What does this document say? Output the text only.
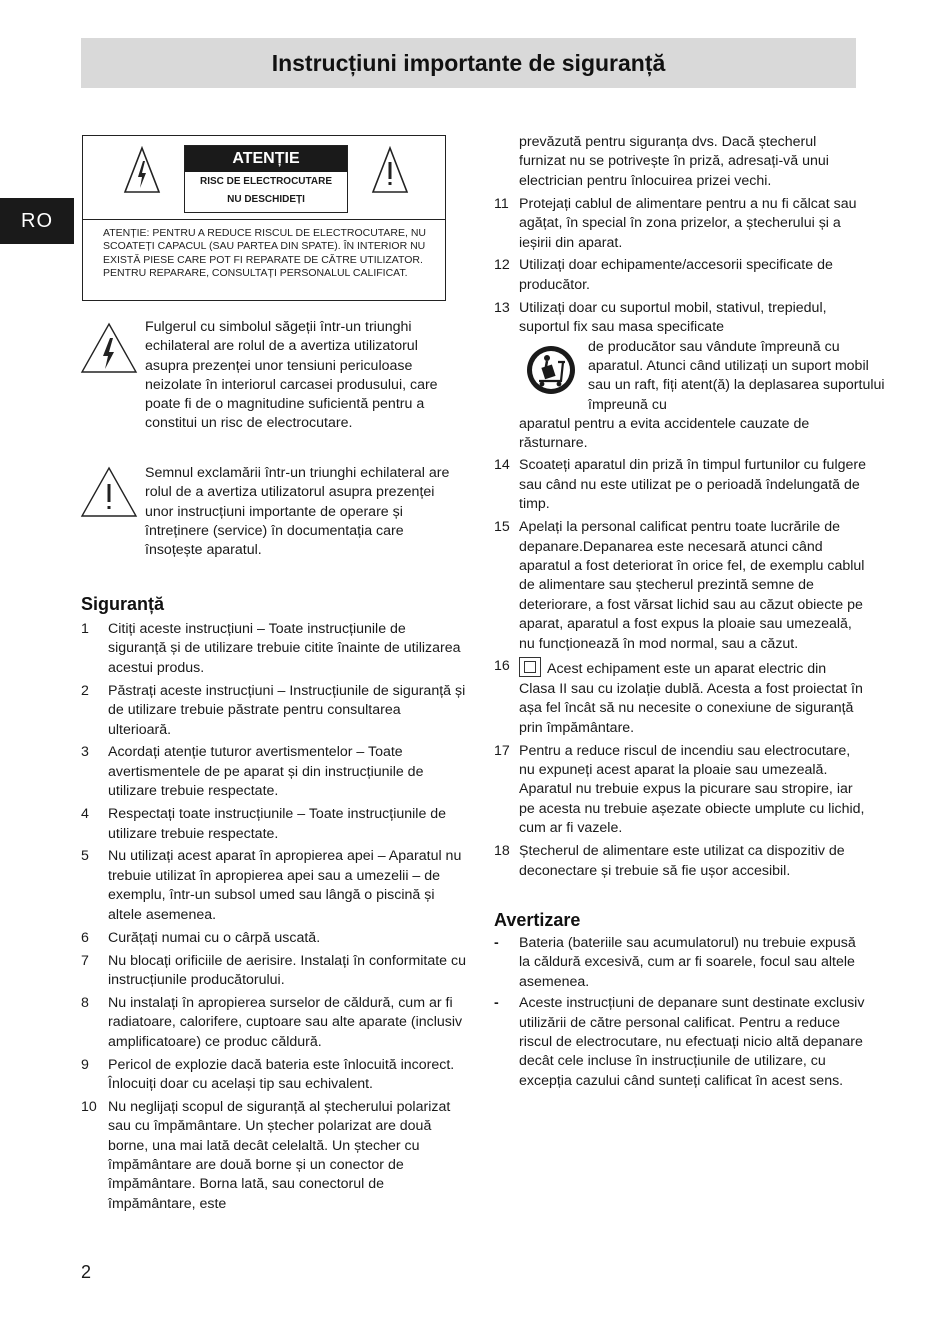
Instrucțiuni importante de siguranță
RO
ATENȚIE
RISC DE ELECTROCUTARE
NU DESCHIDEȚI
ATENȚIE: PENTRU A REDUCE RISCUL DE ELECTROCUTARE, NU SCOATEȚI CAPACUL (SAU PARTEA DIN SPATE). ÎN INTERIOR NU EXISTĂ PIESE CARE POT FI REPARATE DE CĂTRE UTILIZATOR. PENTRU REPARARE, CONSULTAȚI PERSONALUL CALIFICAT.
Fulgerul cu simbolul săgeții într-un triunghi echilateral are rolul de a avertiza utilizatorul asupra prezenței unor tensiuni periculoase neizolate în interiorul carcasei produsului, care poate fi de o magnitudine suficientă pentru a constitui un risc de electrocutare.
Semnul exclamării într-un triunghi echilateral are rolul de a avertiza utilizatorul asupra prezenței unor instrucțiuni importante de operare și întreținere (service) în documentația care însoțește aparatul.
Siguranță
1 Citiți aceste instrucțiuni – Toate instrucțiunile de siguranță și de utilizare trebuie citite înainte de utilizarea acestui produs.
2 Păstrați aceste instrucțiuni – Instrucțiunile de siguranță și de utilizare trebuie păstrate pentru consultarea ulterioară.
3 Acordați atenție tuturor avertismentelor – Toate avertismentele de pe aparat și din instrucțiunile de utilizare trebuie respectate.
4 Respectați toate instrucțiunile – Toate instrucțiunile de utilizare trebuie respectate.
5 Nu utilizați acest aparat în apropierea apei – Aparatul nu trebuie utilizat în apropierea apei sau a umezelii – de exemplu, într-un subsol umed sau lângă o piscină și altele asemenea.
6 Curățați numai cu o cârpă uscată.
7 Nu blocați orificiile de aerisire. Instalați în conformitate cu instrucțiunile producătorului.
8 Nu instalați în apropierea surselor de căldură, cum ar fi radiatoare, calorifere, cuptoare sau alte aparate (inclusiv amplificatoare) ce produc căldură.
9 Pericol de explozie dacă bateria este înlocuită incorect. Înlocuiți doar cu același tip sau echivalent.
10 Nu neglijați scopul de siguranță al ștecherului polarizat sau cu împământare. Un ștecher polarizat are două borne, una mai lată decât celelaltă. Un ștecher cu împământare are două borne și un conector de împământare. Borna lată, sau conectorul de împământare, este
prevăzută pentru siguranța dvs. Dacă ștecherul furnizat nu se potrivește în priză, adresați-vă unui electrician pentru înlocuirea prizei vechi.
11 Protejați cablul de alimentare pentru a nu fi călcat sau agățat, în special în zona prizelor, a ștecherului și a ieșirii din aparat.
12 Utilizați doar echipamente/accesorii specificate de producător.
13 Utilizați doar cu suportul mobil, stativul, trepiedul, suportul fix sau masa specificate
de producător sau vândute împreună cu aparatul. Atunci când utilizați un suport mobil sau un raft, fiți atent(ă) la deplasarea suportului împreună cu
aparatul pentru a evita accidentele cauzate de răsturnare.
14 Scoateți aparatul din priză în timpul furtunilor cu fulgere sau când nu este utilizat pe o perioadă îndelungată de timp.
15 Apelați la personal calificat pentru toate lucrările de depanare.Depanarea este necesară atunci când aparatul a fost deteriorat în orice fel, de exemplu cablul de alimentare sau ștecherul prezintă semne de deteriorare, a fost vărsat lichid sau au căzut obiecte pe aparat, aparatul a fost expus la ploaie sau umezeală, nu funcționează în mod normal, sau a căzut.
16	Acest echipament este un aparat electric din Clasa II sau cu izolație dublă. Acesta a fost proiectat în așa fel încât să nu necesite o conexiune de siguranță prin împământare.
17 Pentru a reduce riscul de incendiu sau electrocutare, nu expuneți acest aparat la ploaie sau umezeală. Aparatul nu trebuie expus la picurare sau stropire, iar pe acesta nu trebuie așezate obiecte umplute cu lichid, cum ar fi vazele.
18 Ștecherul de alimentare este utilizat ca dispozitiv de deconectare și trebuie să fie ușor accesibil.
Avertizare
- Bateria (bateriile sau acumulatorul) nu trebuie expusă la căldură excesivă, cum ar fi soarele, focul sau altele asemenea.
- Aceste instrucțiuni de depanare sunt destinate exclusiv utilizării de către personal calificat. Pentru a reduce riscul de electrocutare, nu efectuați nicio altă depanare decât cele incluse în instrucțiunile de utilizare, cu excepția cazului când sunteți calificat în acest sens.
2
